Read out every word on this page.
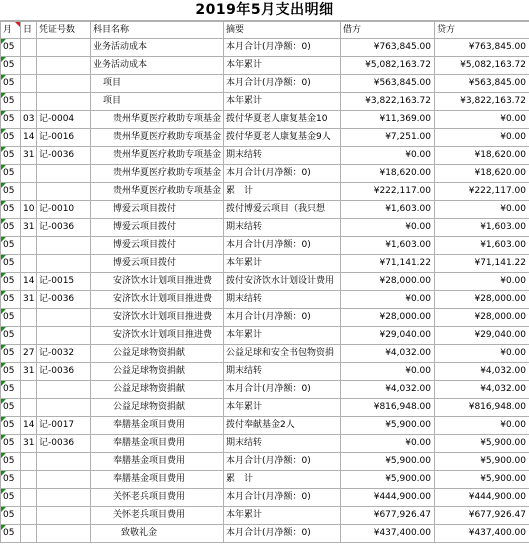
2019年5月支出明细
月	日	凭证号数	科目名称	摘要	借方	贷方
05			业务活动成本	本月合计(月净额：0)	¥763,845.00	¥763,845.00
05			业务活动成本	本年累计	¥5,082,163.72	¥5,082,163.72
05			项目	本月合计(月净额：0)	¥563,845.00	¥563,845.00
05			项目	本年累计	¥3,822,163.72	¥3,822,163.72
05	03	记-0004	贵州华夏医疗救助专项基金	拨付华夏老人康复基金10	¥11,369.00	¥0.00
05	14	记-0016	贵州华夏医疗救助专项基金	拨付华夏老人康复基金9人	¥7,251.00	¥0.00
05	31	记-0036	贵州华夏医疗救助专项基金	期末结转	¥0.00	¥18,620.00
05			贵州华夏医疗救助专项基金	本月合计(月净额：0)	¥18,620.00	¥18,620.00
05			贵州华夏医疗救助专项基金	累　计	¥222,117.00	¥222,117.00
05	10	记-0010	博爱云项目拨付	拨付博爱云项目（我只想	¥1,603.00	¥0.00
05	31	记-0036	博爱云项目拨付	期末结转	¥0.00	¥1,603.00
05			博爱云项目拨付	本月合计(月净额：0)	¥1,603.00	¥1,603.00
05			博爱云项目拨付	本年累计	¥71,141.22	¥71,141.22
05	14	记-0015	安济饮水计划项目推进费	拨付安济饮水计划设计费用	¥28,000.00	¥0.00
05	31	记-0036	安济饮水计划项目推进费	期末结转	¥0.00	¥28,000.00
05			安济饮水计划项目推进费	本月合计(月净额：0)	¥28,000.00	¥28,000.00
05			安济饮水计划项目推进费	本年累计	¥29,040.00	¥29,040.00
05	27	记-0032	公益足球物资捐献	公益足球和安全书包物资捐	¥4,032.00	¥0.00
05	31	记-0036	公益足球物资捐献	期末结转	¥0.00	¥4,032.00
05			公益足球物资捐献	本月合计(月净额：0)	¥4,032.00	¥4,032.00
05			公益足球物资捐献	本年累计	¥816,948.00	¥816,948.00
05	14	记-0017	奉膳基金项目费用	拨付奉献基金2人	¥5,900.00	¥0.00
05	31	记-0036	奉膳基金项目费用	期末结转	¥0.00	¥5,900.00
05			奉膳基金项目费用	本月合计(月净额：0)	¥5,900.00	¥5,900.00
05			奉膳基金项目费用	累　计	¥5,900.00	¥5,900.00
05			关怀老兵项目费用	本月合计(月净额：0)	¥444,900.00	¥444,900.00
05			关怀老兵项目费用	本年累计	¥677,926.47	¥677,926.47
05			致敬礼金	本月合计(月净额：0)	¥437,400.00	¥437,400.00
